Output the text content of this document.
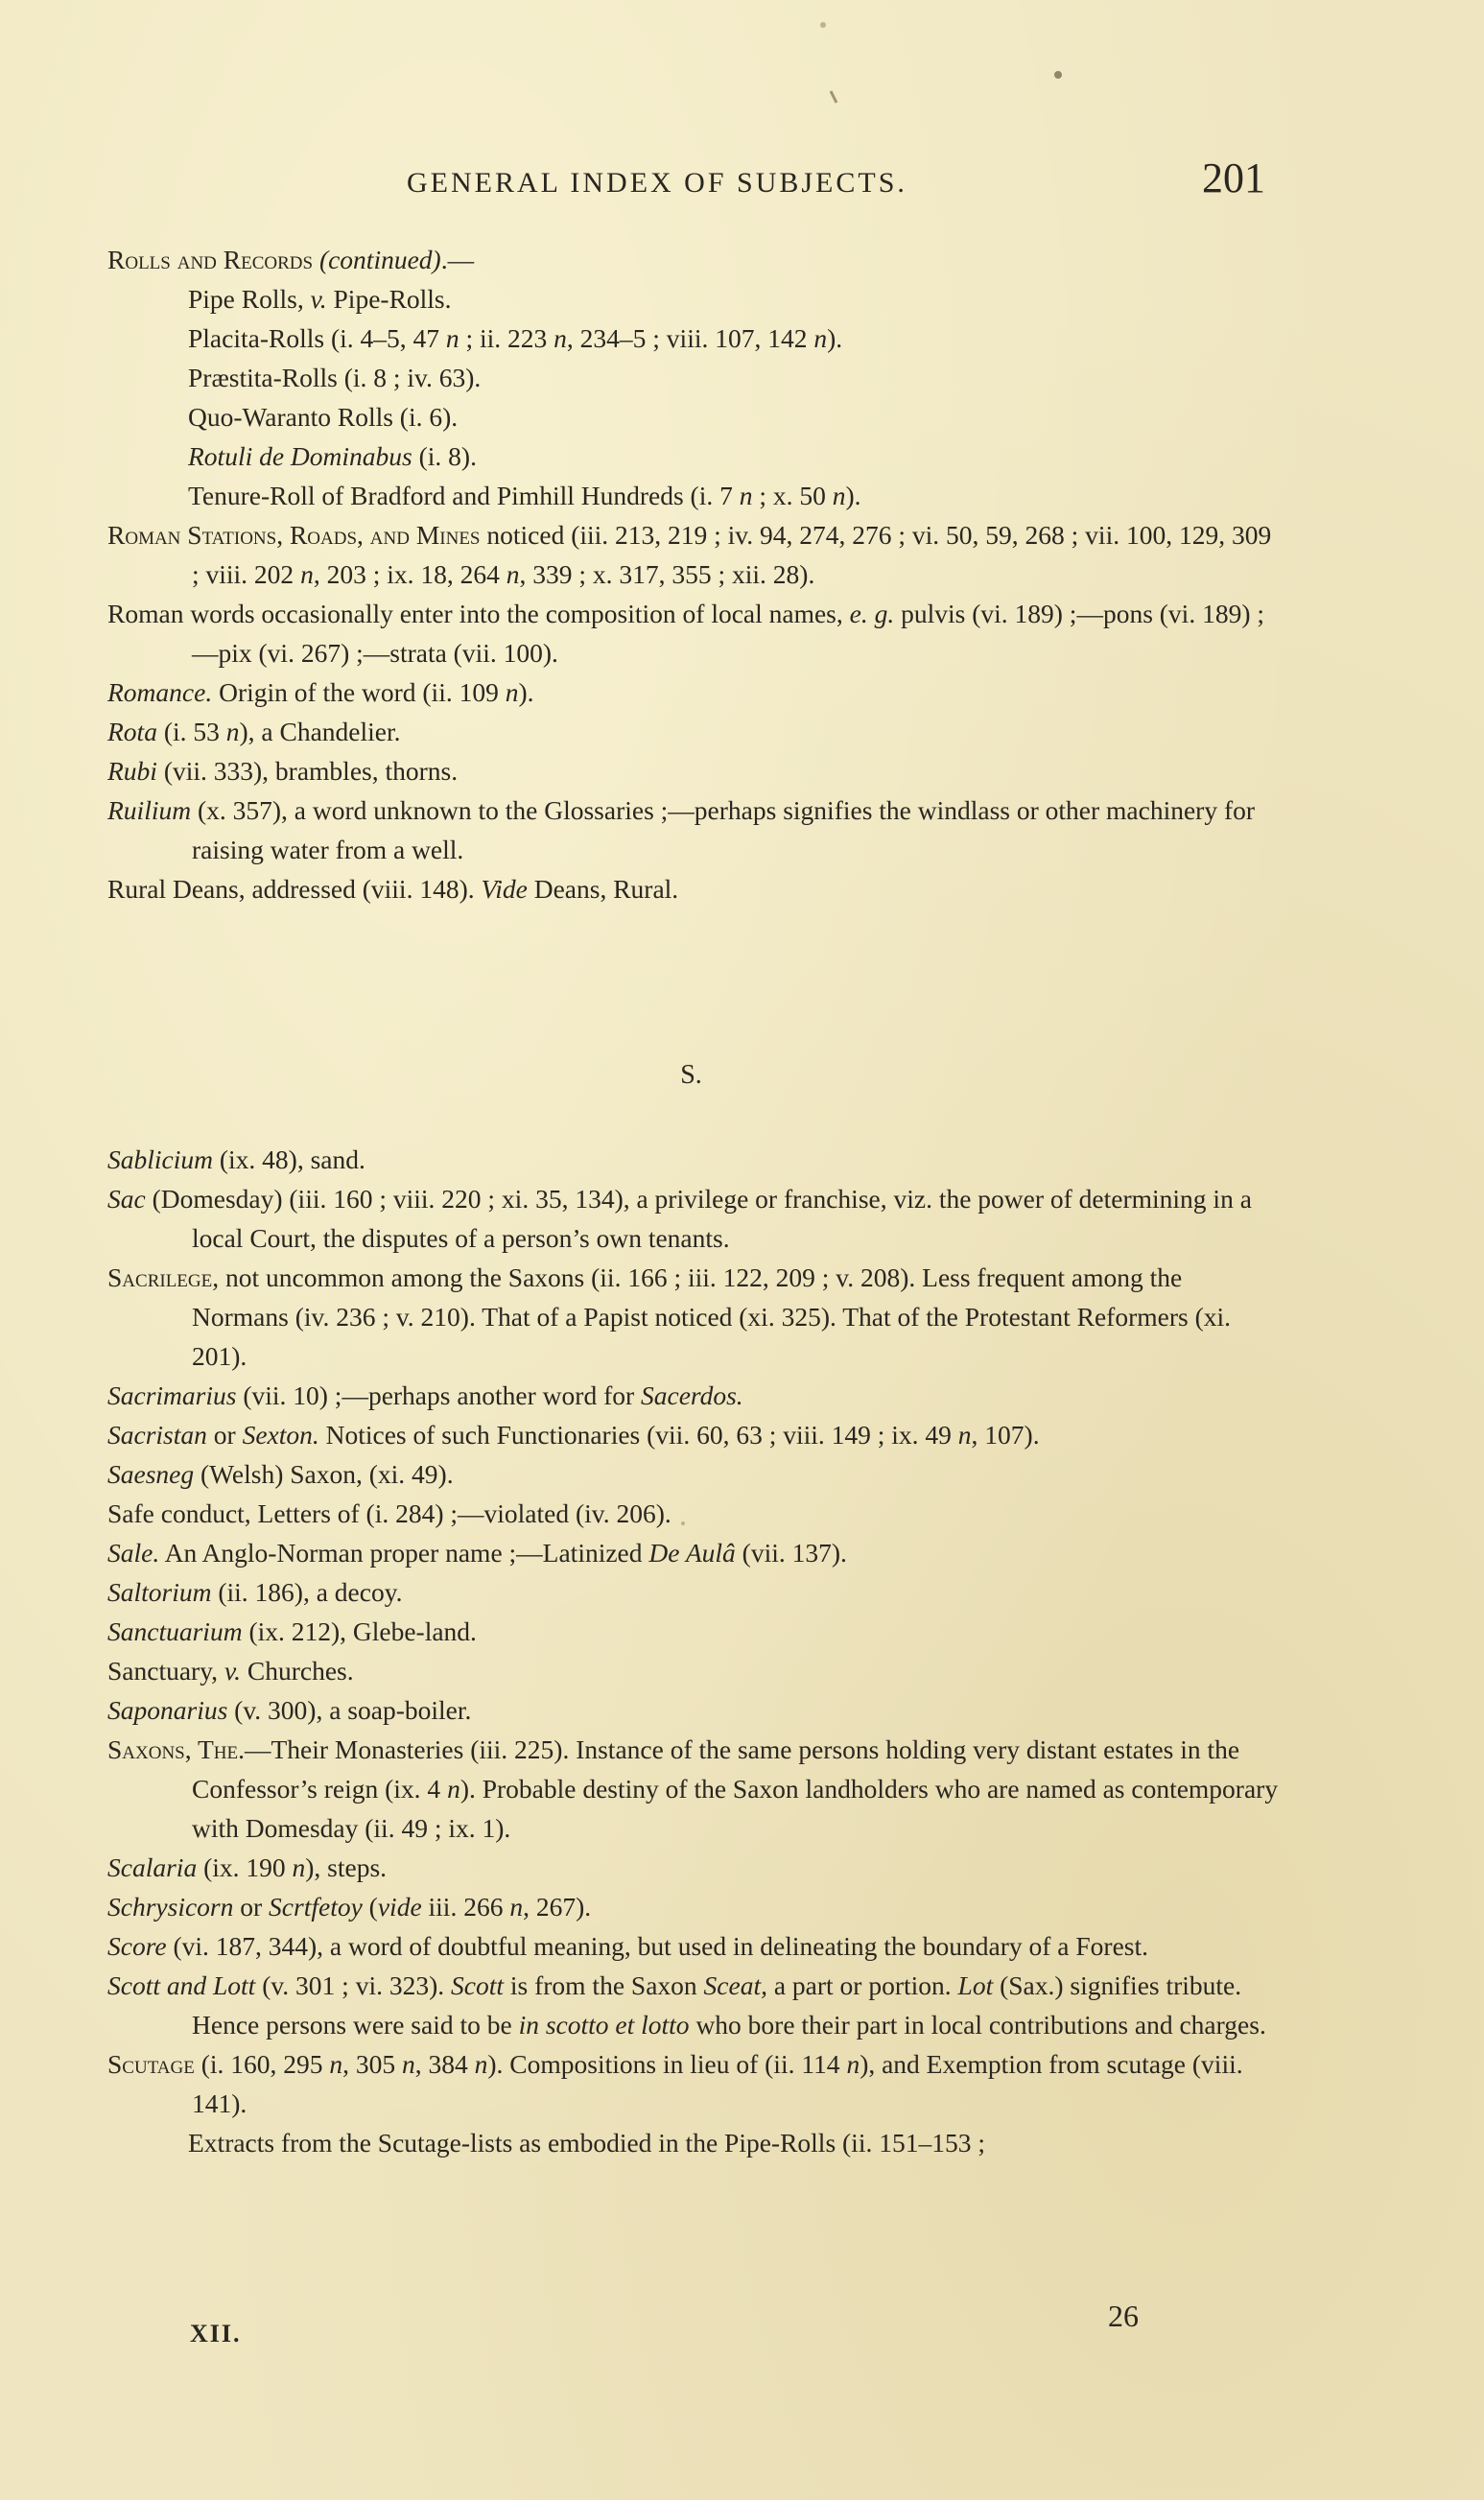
GENERAL INDEX OF SUBJECTS.	201

Rolls and Records (continued).—

Pipe Rolls, v. Pipe-Rolls.

Placita-Rolls (i. 4–5, 47 n ; ii. 223 n, 234–5 ; viii. 107, 142 n).

Præstita-Rolls (i. 8 ; iv. 63).

Quo-Waranto Rolls (i. 6).

Rotuli de Dominabus (i. 8).

Tenure-Roll of Bradford and Pimhill Hundreds (i. 7 n ; x. 50 n).

Roman Stations, Roads, and Mines noticed (iii. 213, 219 ; iv. 94, 274, 276 ; vi. 50, 59, 268 ; vii. 100, 129, 309 ; viii. 202 n, 203 ; ix. 18, 264 n, 339 ; x. 317, 355 ; xii. 28).

Roman words occasionally enter into the composition of local names, e. g. pulvis (vi. 189) ;—pons (vi. 189) ;—pix (vi. 267) ;—strata (vii. 100).

Romance. Origin of the word (ii. 109 n).

Rota (i. 53 n), a Chandelier.

Rubi (vii. 333), brambles, thorns.

Ruilium (x. 357), a word unknown to the Glossaries ;—perhaps signifies the windlass or other machinery for raising water from a well.

Rural Deans, addressed (viii. 148). Vide Deans, Rural.

S.

Sablicium (ix. 48), sand.

Sac (Domesday) (iii. 160 ; viii. 220 ; xi. 35, 134), a privilege or franchise, viz. the power of determining in a local Court, the disputes of a person’s own tenants.

Sacrilege, not uncommon among the Saxons (ii. 166 ; iii. 122, 209 ; v. 208). Less frequent among the Normans (iv. 236 ; v. 210). That of a Papist noticed (xi. 325). That of the Protestant Reformers (xi. 201).

Sacrimarius (vii. 10) ;—perhaps another word for Sacerdos.

Sacristan or Sexton. Notices of such Functionaries (vii. 60, 63 ; viii. 149 ; ix. 49 n, 107).

Saesneg (Welsh) Saxon, (xi. 49).

Safe conduct, Letters of (i. 284) ;—violated (iv. 206).

Sale. An Anglo-Norman proper name ;—Latinized De Aulâ (vii. 137).

Saltorium (ii. 186), a decoy.

Sanctuarium (ix. 212), Glebe-land.

Sanctuary, v. Churches.

Saponarius (v. 300), a soap-boiler.

Saxons, The.—Their Monasteries (iii. 225). Instance of the same persons holding very distant estates in the Confessor’s reign (ix. 4 n). Probable destiny of the Saxon landholders who are named as contemporary with Domesday (ii. 49 ; ix. 1).

Scalaria (ix. 190 n), steps.

Schrysicorn or Scrtfetoy (vide iii. 266 n, 267).

Score (vi. 187, 344), a word of doubtful meaning, but used in delineating the boundary of a Forest.

Scott and Lott (v. 301 ; vi. 323). Scott is from the Saxon Sceat, a part or portion. Lot (Sax.) signifies tribute. Hence persons were said to be in scotto et lotto who bore their part in local contributions and charges.

Scutage (i. 160, 295 n, 305 n, 384 n). Compositions in lieu of (ii. 114 n), and Exemption from scutage (viii. 141).

Extracts from the Scutage-lists as embodied in the Pipe-Rolls (ii. 151–153 ;

XII.
26
